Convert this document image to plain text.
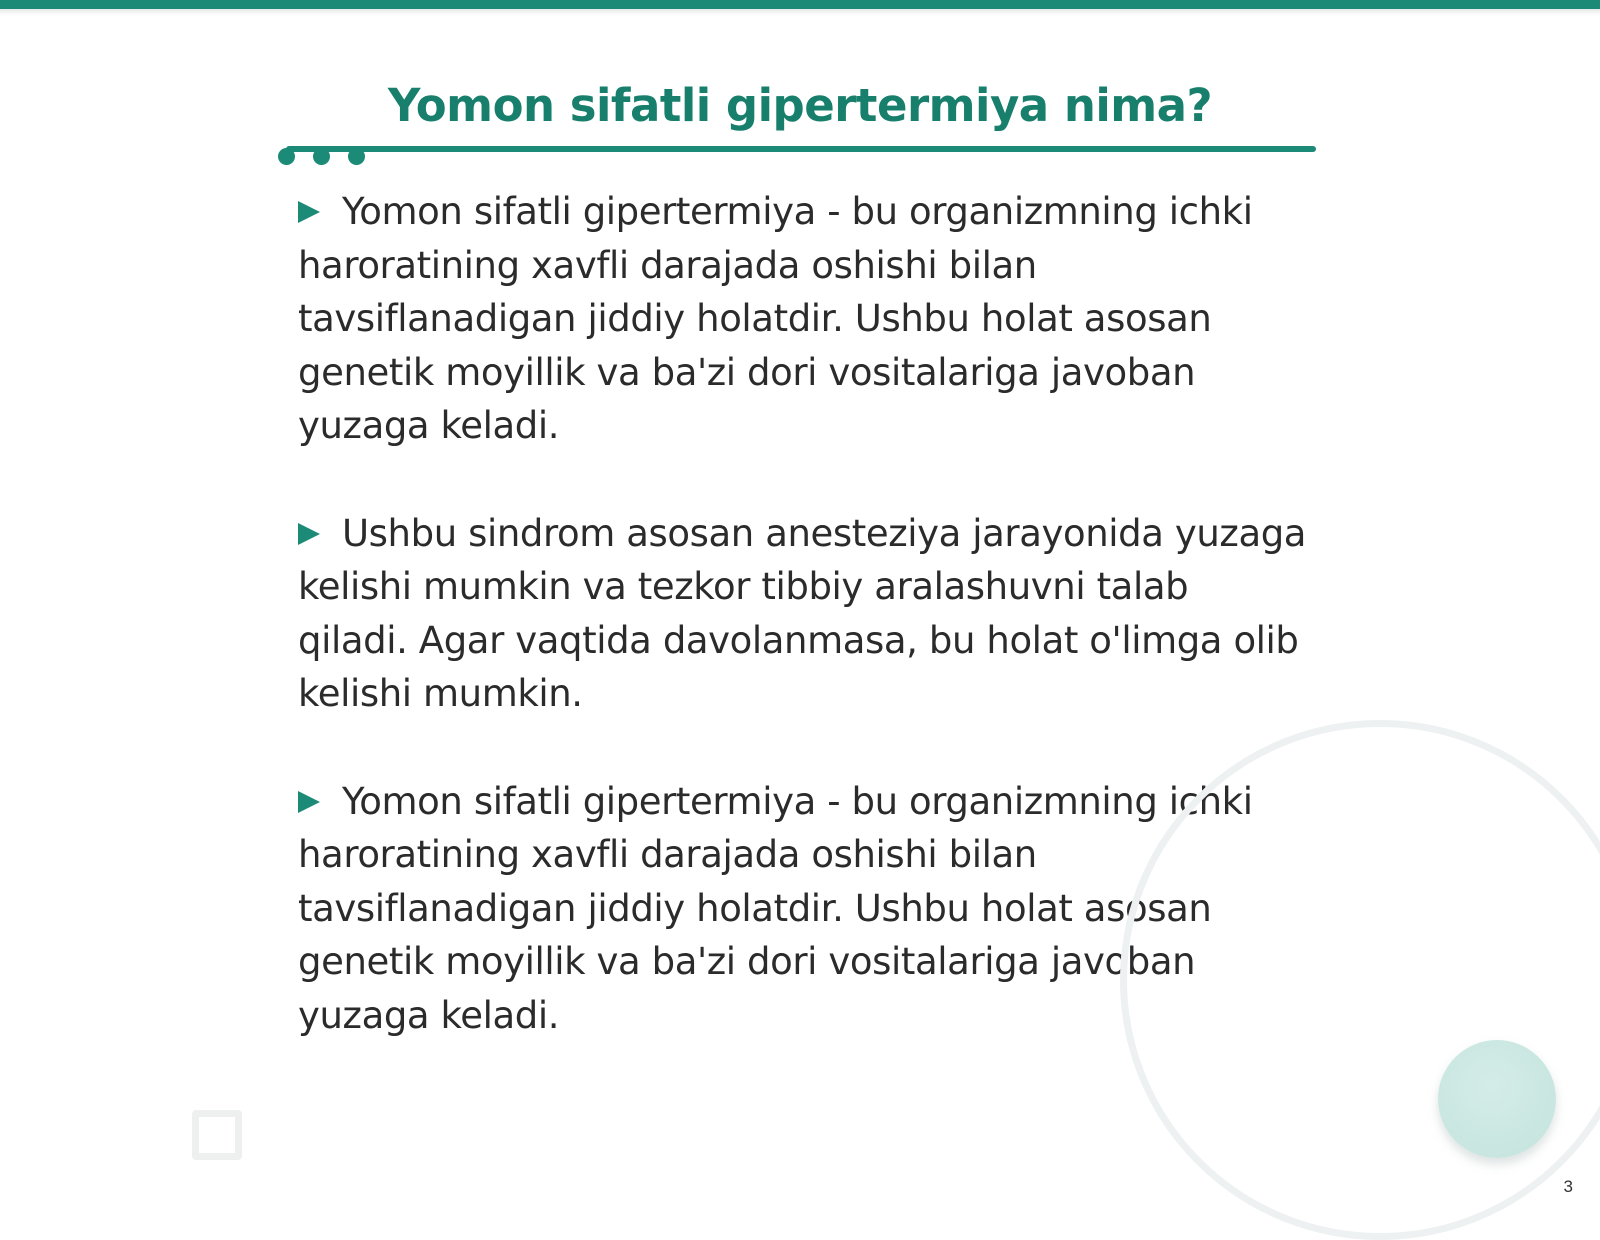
Yomon sifatli gipertermiya nima?

Yomon sifatli gipertermiya - bu organizmning ichki haroratining xavfli darajada oshishi bilan tavsiflanadigan jiddiy holatdir. Ushbu holat asosan genetik moyillik va ba'zi dori vositalariga javoban yuzaga keladi.

Ushbu sindrom asosan anesteziya jarayonida yuzaga kelishi mumkin va tezkor tibbiy aralashuvni talab qiladi. Agar vaqtida davolanmasa, bu holat o'limga olib kelishi mumkin.

Yomon sifatli gipertermiya - bu organizmning ichki haroratining xavfli darajada oshishi bilan tavsiflanadigan jiddiy holatdir. Ushbu holat asosan genetik moyillik va ba'zi dori vositalariga javoban yuzaga keladi.

3
